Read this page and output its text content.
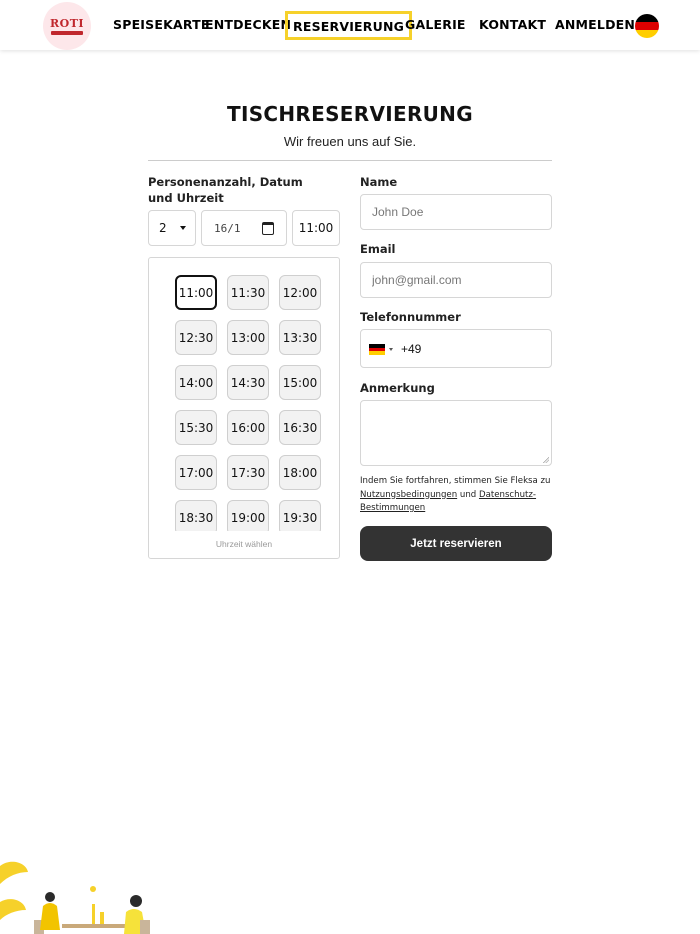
ROTI SPEISEKARTE
ENTDECKEN RESERVIERUNG GALERIE KONTAKT ANMELDEN
TISCHRESERVIERUNG
Wir freuen uns auf Sie.
Personenanzahl, Datum und Uhrzeit
2	16/1	11:00
11:00	11:30	12:00
12:30	13:00	13:30
14:00	14:30	15:00
15:30	16:00	16:30
17:00	17:30	18:00
18:30	19:00	19:30
Uhrzeit wählen
Name
John Doe
Email
john@gmail.com
Telefonnummer
+49
Anmerkung
Indem Sie fortfahren, stimmen Sie Fleksa zu Nutzungsbedingungen und Datenschutz-Bestimmungen
Jetzt reservieren
